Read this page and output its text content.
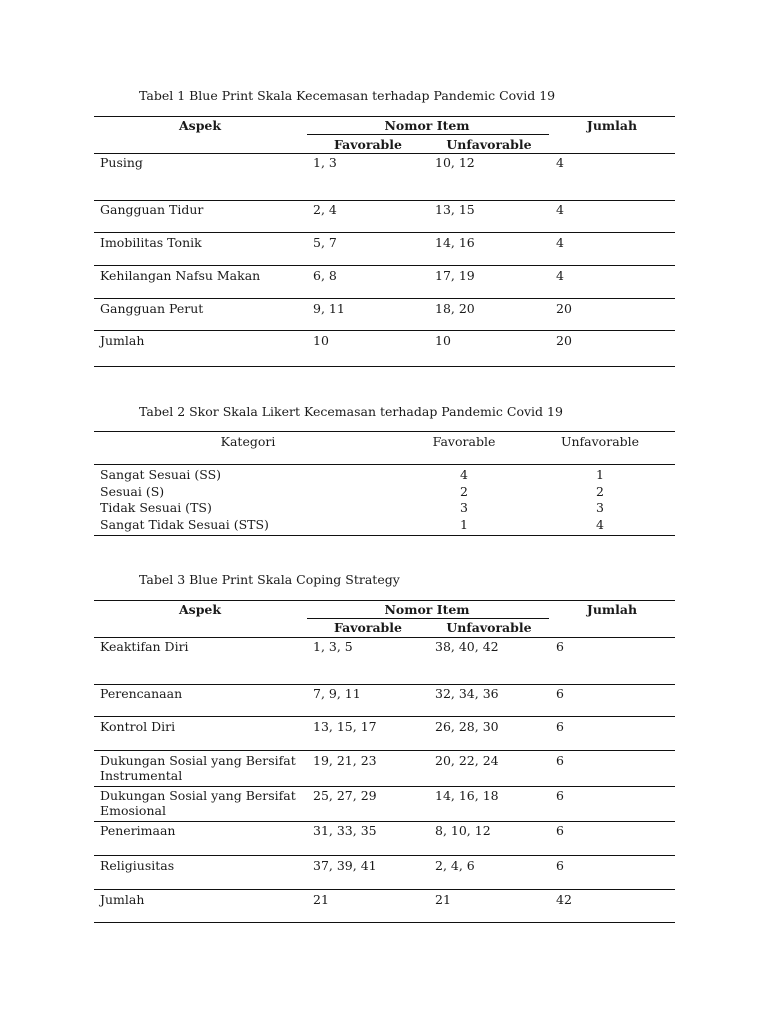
Tabel 1 Blue Print Skala Kecemasan terhadap Pandemic Covid 19
Aspek	Nomor Item	Jumlah
Favorable	Unfavorable
Pusing	1, 3	10, 12	4
Gangguan Tidur	2, 4	13, 15	4
Imobilitas Tonik	5, 7	14, 16	4
Kehilangan Nafsu Makan	6, 8	17, 19	4
Gangguan Perut	9, 11	18, 20	20
Jumlah	10	10	20
Tabel 2 Skor Skala Likert Kecemasan terhadap Pandemic Covid 19
Kategori	Favorable	Unfavorable
Sangat Sesuai (SS)	4	1
Sesuai (S)	2	2
Tidak Sesuai (TS)	3	3
Sangat Tidak Sesuai (STS)	1	4
Tabel 3 Blue Print Skala Coping Strategy
Aspek	Nomor Item	Jumlah
Favorable	Unfavorable
Keaktifan Diri	1, 3, 5	38, 40, 42	6
Perencanaan	7, 9, 11	32, 34, 36	6
Kontrol Diri	13, 15, 17	26, 28, 30	6
Dukungan Sosial yang Bersifat Instrumental
19, 21, 23	20, 22, 24	6
Dukungan Sosial yang Bersifat Emosional
25, 27, 29	14, 16, 18	6
Penerimaan	31, 33, 35	8, 10, 12	6
Religiusitas	37, 39, 41	2, 4, 6	6
Jumlah	21	21	42
